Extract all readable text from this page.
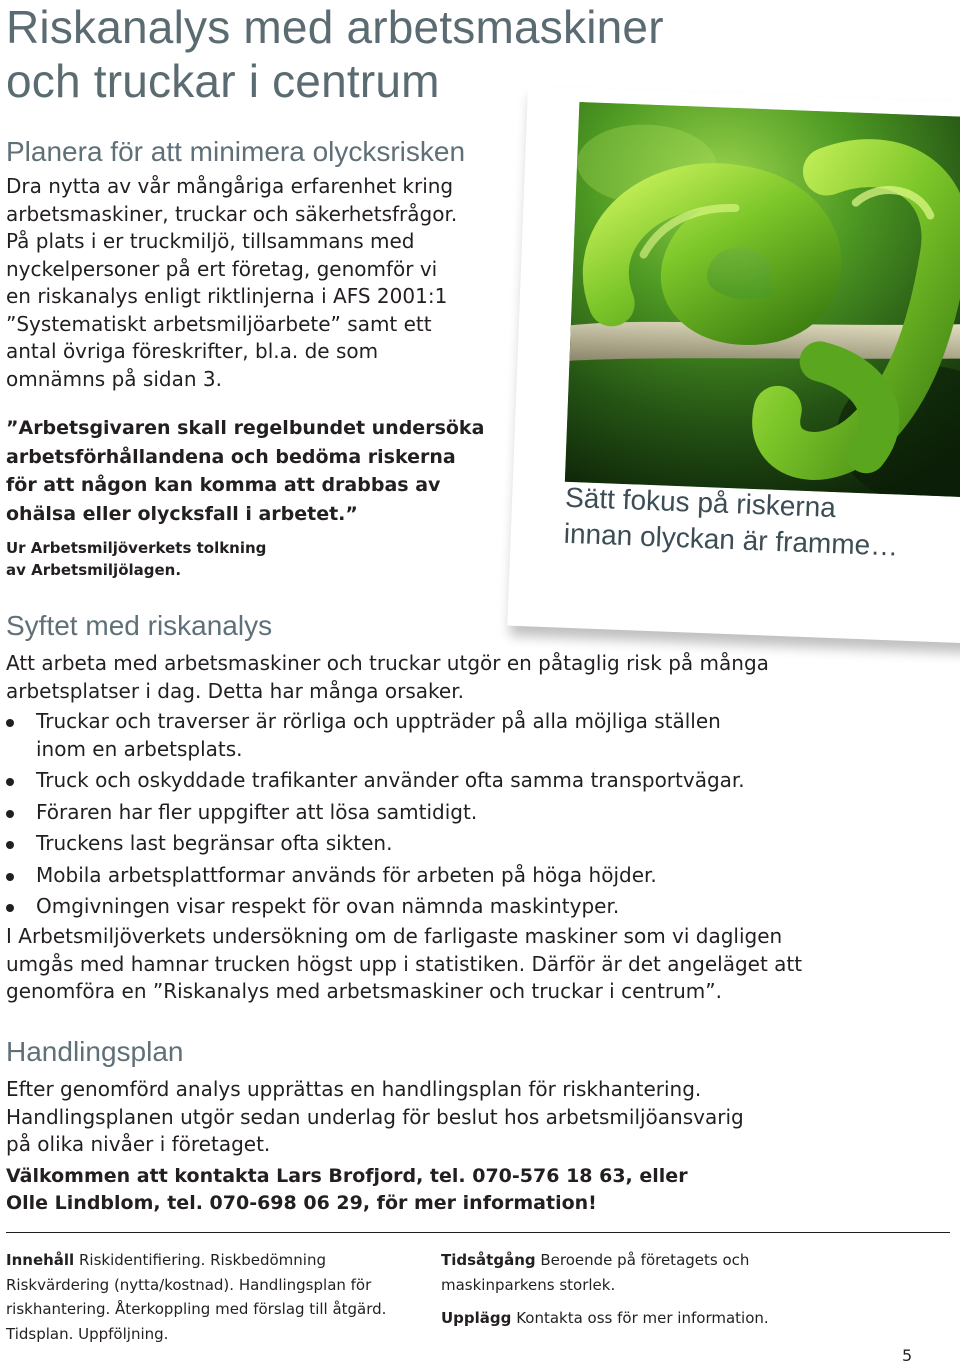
Riskanalys med arbetsmaskiner
och truckar i centrum
Planera för att minimera olycksrisken

Dra nytta av vår mångåriga erfarenhet kring
arbetsmaskiner, truckar och säkerhetsfrågor.
På plats i er truckmiljö, tillsammans med
nyckelpersoner på ert företag, genomför vi
en riskanalys enligt riktlinjerna i AFS 2001:1
”Systematiskt arbetsmiljöarbete” samt ett
antal övriga föreskrifter, bl.a. de som
omnämns på sidan 3.

Sätt fokus på riskerna
innan olyckan är framme…

”Arbetsgivaren skall regelbundet undersöka
arbetsförhållandena och bedöma riskerna
för att någon kan komma att drabbas av
ohälsa eller olycksfall i arbetet.”

Ur Arbetsmiljöverkets tolkning
av Arbetsmiljölagen.

Syftet med riskanalys

Att arbeta med arbetsmaskiner och truckar utgör en påtaglig risk på många
arbetsplatser i dag. Detta har många orsaker.

Truckar och traverser är rörliga och uppträder på alla möjliga ställen
inom en arbetsplats.
Truck och oskyddade trafikanter använder ofta samma transportvägar.
Föraren har fler uppgifter att lösa samtidigt.
Truckens last begränsar ofta sikten.
Mobila arbetsplattformar används för arbeten på höga höjder.
Omgivningen visar respekt för ovan nämnda maskintyper.

I Arbetsmiljöverkets undersökning om de farligaste maskiner som vi dagligen
umgås med hamnar trucken högst upp i statistiken. Därför är det angeläget att
genomföra en ”Riskanalys med arbetsmaskiner och truckar i centrum”.

Handlingsplan

Efter genomförd analys upprättas en handlingsplan för riskhantering.
Handlingsplanen utgör sedan underlag för beslut hos arbetsmiljöansvarig
på olika nivåer i företaget.

Välkommen att kontakta Lars Brofjord, tel. 070-576 18 63, eller
Olle Lindblom, tel. 070-698 06 29, för mer information!

Innehåll Riskidentifiering. Riskbedömning
Riskvärdering (nytta/kostnad). Handlingsplan för
riskhantering. Återkoppling med förslag till åtgärd.
Tidsplan. Uppföljning.

Tidsåtgång Beroende på företagets och
maskinparkens storlek.

Upplägg Kontakta oss för mer information.

5
